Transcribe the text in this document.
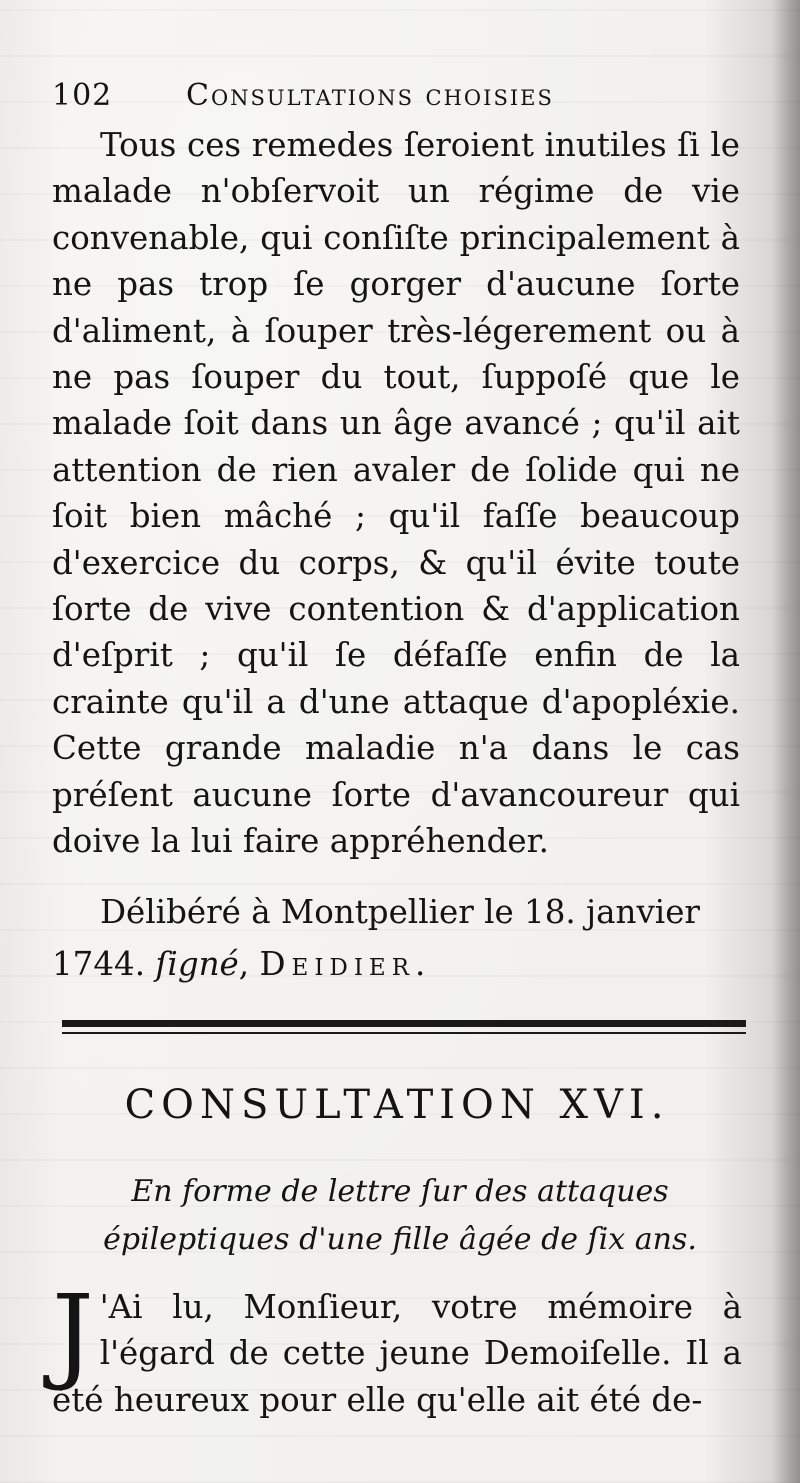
102 Consultations choisies

Tous ces remedes ſeroient inutiles ſi le malade n'obſervoit un régime de vie convenable, qui conſiſte principalement à ne pas trop ſe gorger d'aucune ſorte d'aliment, à ſouper très-légerement ou à ne pas ſouper du tout, ſuppoſé que le malade ſoit dans un âge avancé ; qu'il ait attention de rien avaler de ſolide qui ne ſoit bien mâché ; qu'il faſſe beaucoup d'exercice du corps, & qu'il évite toute ſorte de vive contention & d'application d'eſprit ; qu'il ſe défaſſe enfin de la crainte qu'il a d'une attaque d'apopléxie. Cette grande maladie n'a dans le cas préſent aucune ſorte d'avancoureur qui doive la lui faire appréhender.

Délibéré à Montpellier le 18. janvier 1744. ſigné, Deidier.

CONSULTATION XVI.

En forme de lettre ſur des attaques épileptiques d'une fille âgée de ſix ans.

J 'Ai lu, Monſieur, votre mémoire à l'égard de cette jeune Demoiſelle. Il a été heureux pour elle qu'elle ait été de-
